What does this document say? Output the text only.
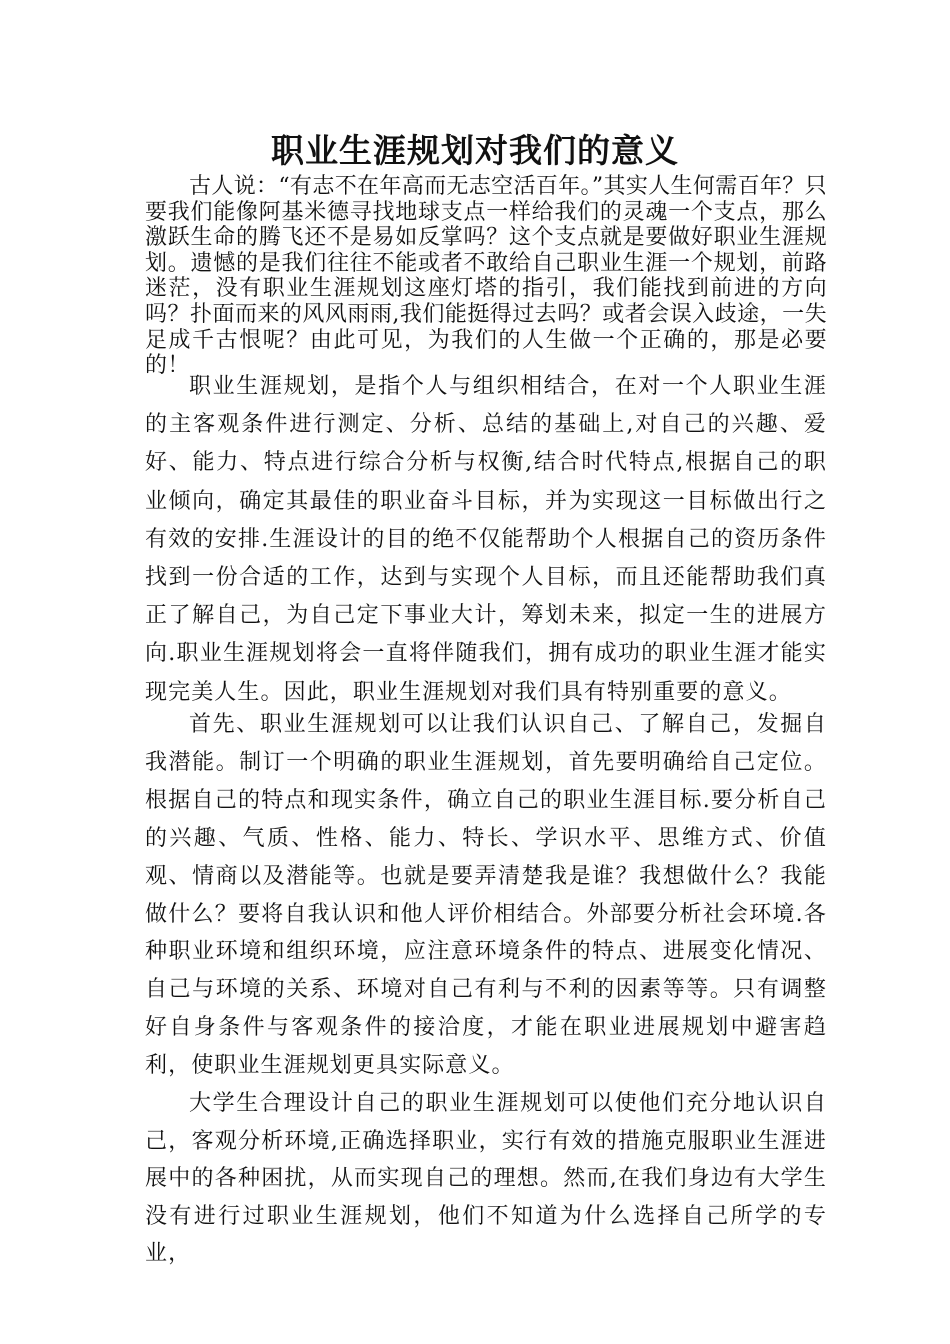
职业生涯规划对我们的意义

古人说：“有志不在年高而无志空活百年。”其实人生何需百年？只要我们能像阿基米德寻找地球支点一样给我们的灵魂一个支点，那么激跃生命的腾飞还不是易如反掌吗？这个支点就是要做好职业生涯规划。遗憾的是我们往往不能或者不敢给自己职业生涯一个规划，前路迷茫，没有职业生涯规划这座灯塔的指引，我们能找到前进的方向吗？扑面而来的风风雨雨,我们能挺得过去吗？或者会误入歧途，一失足成千古恨呢？由此可见，为我们的人生做一个正确的，那是必要的！

职业生涯规划，是指个人与组织相结合，在对一个人职业生涯的主客观条件进行测定、分析、总结的基础上,对自己的兴趣、爱好、能力、特点进行综合分析与权衡,结合时代特点,根据自己的职业倾向，确定其最佳的职业奋斗目标，并为实现这一目标做出行之有效的安排.生涯设计的目的绝不仅能帮助个人根据自己的资历条件找到一份合适的工作，达到与实现个人目标，而且还能帮助我们真正了解自己，为自己定下事业大计，筹划未来，拟定一生的进展方向.职业生涯规划将会一直将伴随我们，拥有成功的职业生涯才能实现完美人生。因此，职业生涯规划对我们具有特别重要的意义。

首先、职业生涯规划可以让我们认识自己、了解自己，发掘自我潜能。制订一个明确的职业生涯规划，首先要明确给自己定位。根据自己的特点和现实条件，确立自己的职业生涯目标.要分析自己的兴趣、气质、性格、能力、特长、学识水平、思维方式、价值观、情商以及潜能等。也就是要弄清楚我是谁？我想做什么？我能做什么？要将自我认识和他人评价相结合。外部要分析社会环境.各种职业环境和组织环境，应注意环境条件的特点、进展变化情况、自己与环境的关系、环境对自己有利与不利的因素等等。只有调整好自身条件与客观条件的接洽度，才能在职业进展规划中避害趋利，使职业生涯规划更具实际意义。

大学生合理设计自己的职业生涯规划可以使他们充分地认识自己，客观分析环境,正确选择职业，实行有效的措施克服职业生涯进展中的各种困扰，从而实现自己的理想。然而,在我们身边有大学生没有进行过职业生涯规划，他们不知道为什么选择自己所学的专业，
